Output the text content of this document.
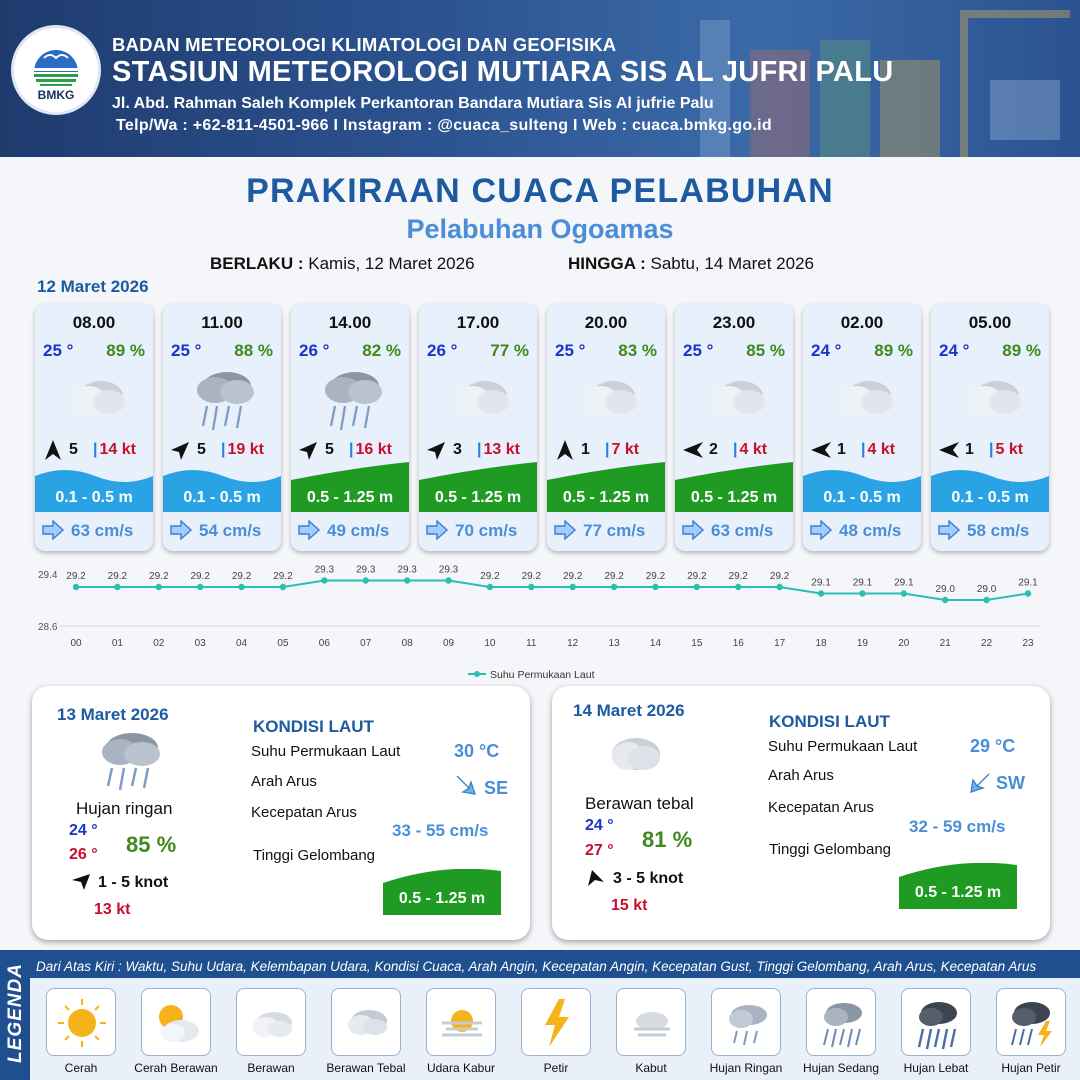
BMKG
BADAN METEOROLOGI KLIMATOLOGI DAN GEOFISIKA
STASIUN METEOROLOGI MUTIARA SIS AL JUFRI PALU
Jl. Abd. Rahman Saleh Komplek Perkantoran Bandara Mutiara Sis Al jufrie Palu
Telp/Wa : +62-811-4501-966 I Instagram : @cuaca_sulteng I Web : cuaca.bmkg.go.id
PRAKIRAAN CUACA PELABUHAN
Pelabuhan Ogoamas
BERLAKU : Kamis, 12 Maret 2026	HINGGA : Sabtu, 14 Maret 2026
12 Maret 2026
08.00
25 ° 89 %
5 | 14 kt
0.1 - 0.5 m
63 cm/s
11.00
25 ° 88 %
5 | 19 kt
0.1 - 0.5 m
54 cm/s
14.00
26 ° 82 %
5 | 16 kt
0.5 - 1.25 m
49 cm/s
17.00
26 ° 77 %
3 | 13 kt
0.5 - 1.25 m
70 cm/s
20.00
25 ° 83 %
1 | 7 kt
0.5 - 1.25 m
77 cm/s
23.00
25 ° 85 %
2 | 4 kt
0.5 - 1.25 m
63 cm/s
02.00
24 ° 89 %
1 | 4 kt
0.1 - 0.5 m
48 cm/s
05.00
24 ° 89 %
1 | 5 kt
0.1 - 0.5 m
58 cm/s
29.4
28.6
29.2
00
29.2
01
29.2
02
29.2
03
29.2
04
29.2
05
29.3
06
29.3
07
29.3
08
29.3
09
29.2
10
29.2
11
29.2
12
29.2
13
29.2
14
29.2
15
29.2
16
29.2
17
29.1
18
29.1
19
29.1
20
29.0
21
29.0
22
29.1
23
Suhu Permukaan Laut
13 Maret 2026
Hujan ringan
24 °
26 ° 85 %
1 - 5 knot
13 kt
KONDISI LAUT
Suhu Permukaan Laut	30 °C
Arah Arus	SE
Kecepatan Arus
33 - 55 cm/s
Tinggi Gelombang
0.5 - 1.25 m
14 Maret 2026
Berawan tebal
24 °
27 ° 81 %
3 - 5 knot
15 kt
KONDISI LAUT
Suhu Permukaan Laut	29 °C
Arah Arus	SW
Kecepatan Arus
32 - 59 cm/s
Tinggi Gelombang
0.5 - 1.25 m
LEGENDA Dari Atas Kiri : Waktu, Suhu Udara, Kelembapan Udara, Kondisi Cuaca, Arah Angin, Kecepatan Angin, Kecepatan Gust, Tinggi Gelombang, Arah Arus, Kecepatan Arus
Cerah	Cerah Berawan	Berawan	Berawan Tebal	Udara Kabur	Petir	Kabut	Hujan Ringan	Hujan Sedang	Hujan Lebat	Hujan Petir
